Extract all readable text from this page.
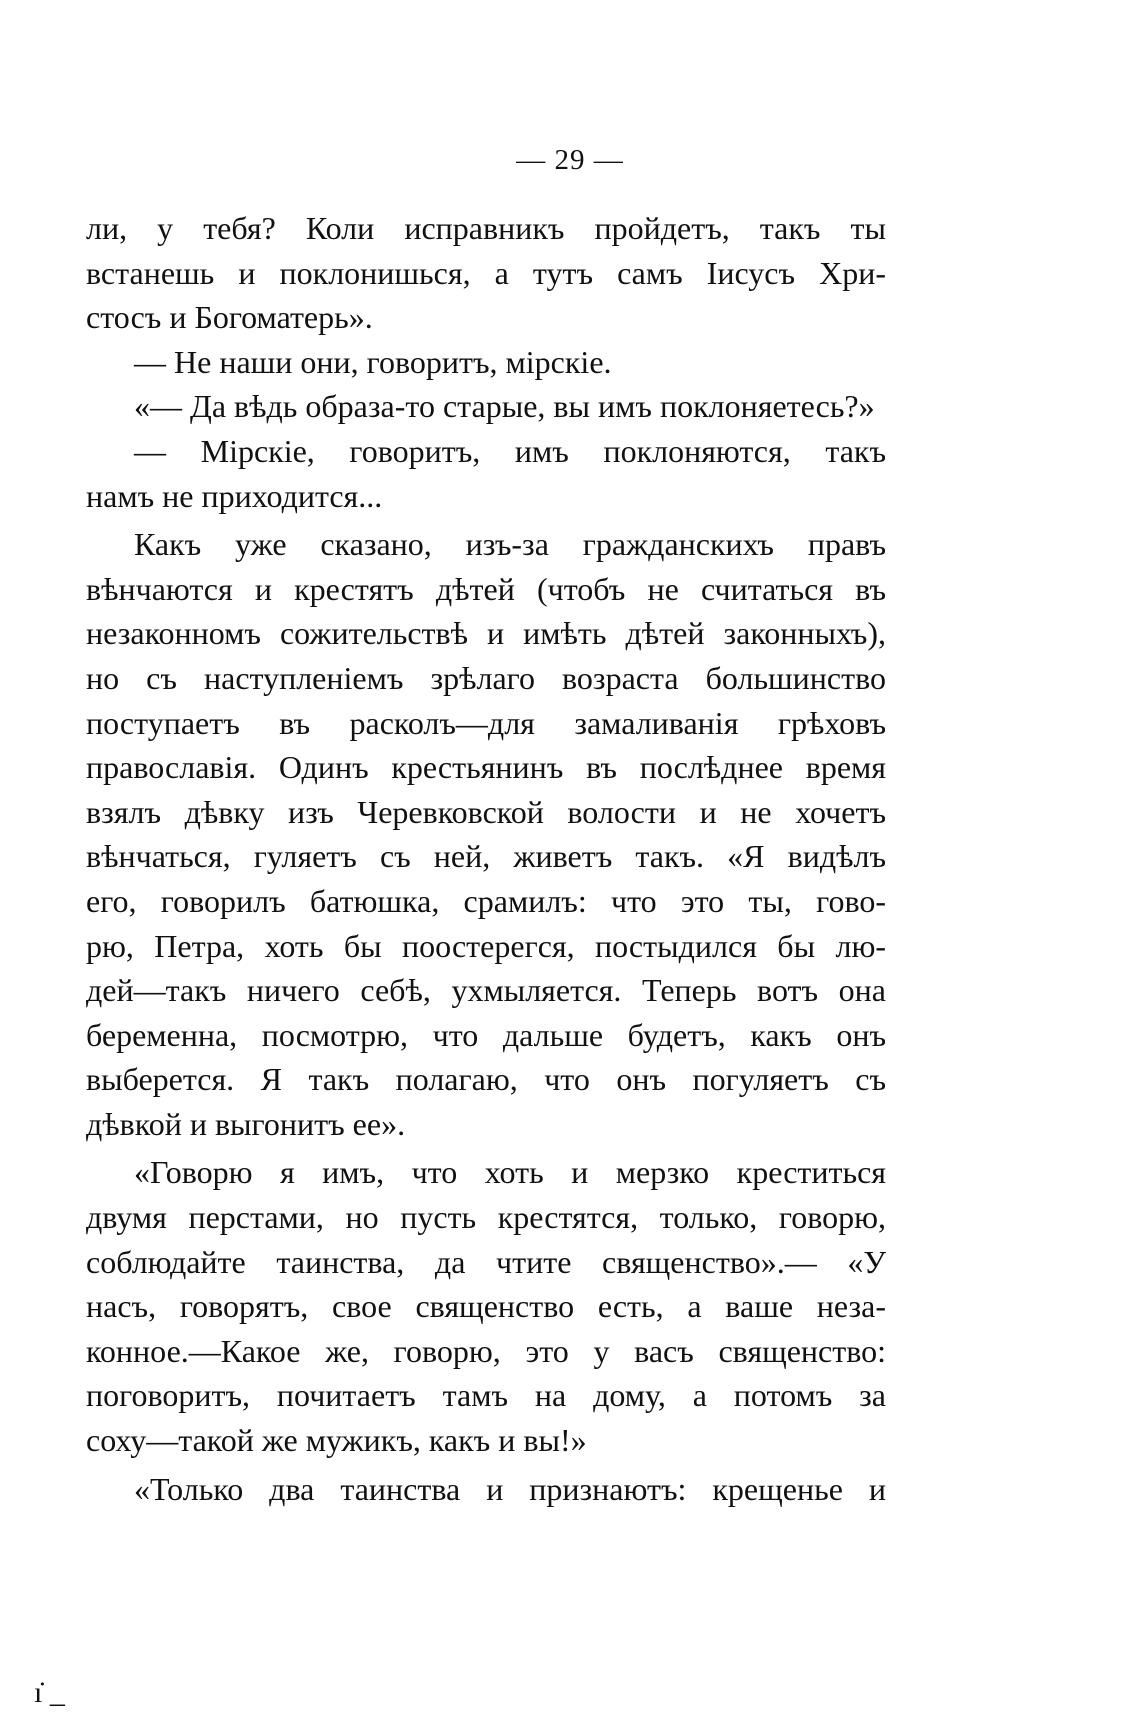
— 29 —
ли, у тебя? Коли исправникъ пройдетъ, такъ ты
встанешь и поклонишься, а тутъ самъ Іисусъ Хри-
стосъ и Богоматерь».
— Не наши они, говоритъ, мірскіе.
«— Да вѣдь образа-то старые, вы имъ поклоняетесь?»
— Мірскіе, говоритъ, имъ поклоняются, такъ
намъ не приходится...
Какъ уже сказано, изъ-за гражданскихъ правъ
вѣнчаются и крестятъ дѣтей (чтобъ не считаться въ
незаконномъ сожительствѣ и имѣть дѣтей законныхъ),
но съ наступленіемъ зрѣлаго возраста большинство
поступаетъ въ расколъ—для замаливанія грѣховъ
православія. Одинъ крестьянинъ въ послѣднее время
взялъ дѣвку изъ Черевковской волости и не хочетъ
вѣнчаться, гуляетъ съ ней, живетъ такъ. «Я видѣлъ
его, говорилъ батюшка, срамилъ: что это ты, гово-
рю, Петра, хоть бы поостерегся, постыдился бы лю-
дей—такъ ничего себѣ, ухмыляется. Теперь вотъ она
беременна, посмотрю, что дальше будетъ, какъ онъ
выберется. Я такъ полагаю, что онъ погуляетъ съ
дѣвкой и выгонитъ ее».
«Говорю я имъ, что хоть и мерзко креститься
двумя перстами, но пусть крестятся, только, говорю,
соблюдайте таинства, да чтите священство».— «У
насъ, говорятъ, свое священство есть, а ваше неза-
конное.—Какое же, говорю, это у васъ священство:
поговоритъ, почитаетъ тамъ на дому, а потомъ за
соху—такой же мужикъ, какъ и вы!»
«Только два таинства и признаютъ: крещенье и
ı̇ _
